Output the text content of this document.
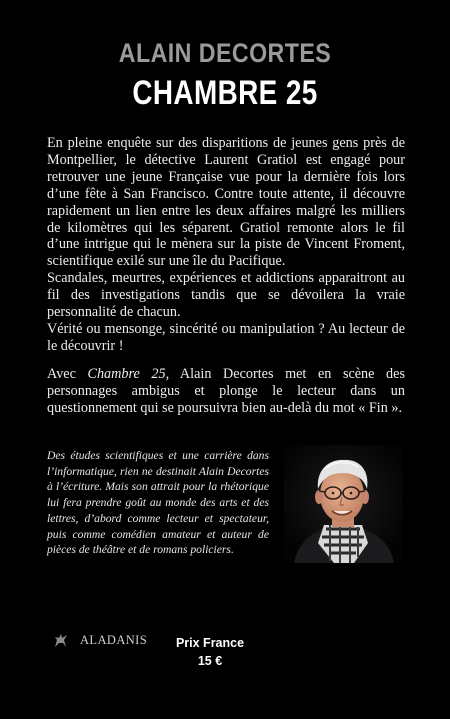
ALAIN DECORTES
CHAMBRE 25

En pleine enquête sur des disparitions de jeunes gens près de Montpellier, le détective Laurent Gratiol est engagé pour retrouver une jeune Française vue pour la dernière fois lors d’une fête à San Francisco. Contre toute attente, il découvre rapidement un lien entre les deux affaires malgré les milliers de kilomètres qui les séparent. Gratiol remonte alors le fil d’une intrigue qui le mènera sur la piste de Vincent Froment, scientifique exilé sur une île du Pacifique.

Scandales, meurtres, expériences et addictions apparaitront au fil des investigations tandis que se dévoilera la vraie personnalité de chacun.

Vérité ou mensonge, sincérité ou manipulation ? Au lecteur de le découvrir !

Avec Chambre 25, Alain Decortes met en scène des personnages ambigus et plonge le lecteur dans un questionnement qui se poursuivra bien au-delà du mot « Fin ».

Des études scientifiques et une carrière dans l’informatique, rien ne destinait Alain Decortes à l’écriture. Mais son attrait pour la rhétorique lui fera prendre goût au monde des arts et des lettres, d’abord comme lecteur et spectateur, puis comme comédien amateur et auteur de pièces de théâtre et de romans policiers.
ALADANIS	Prix France
15 €
